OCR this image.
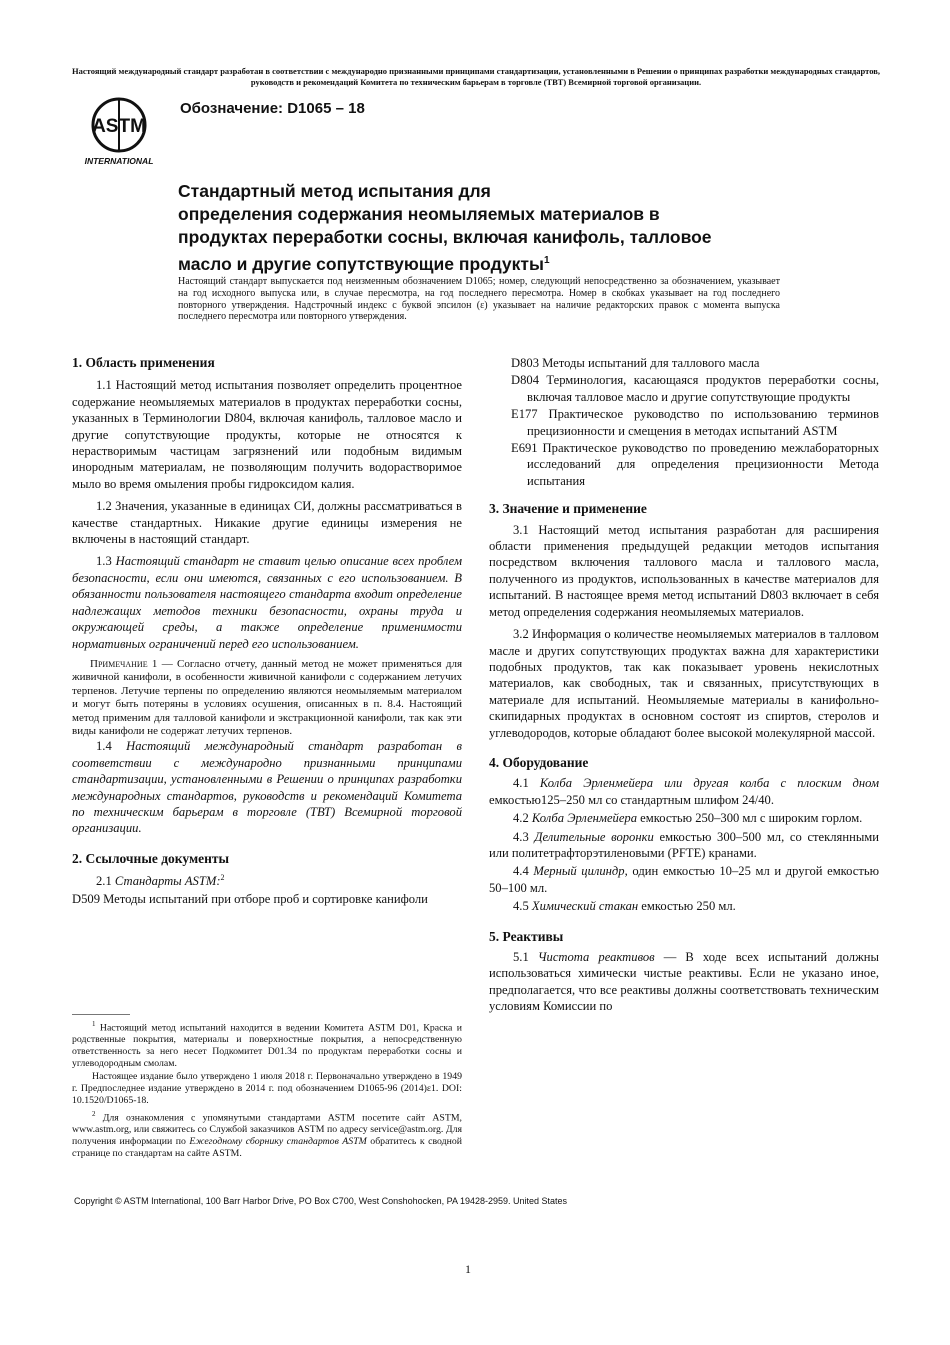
Настоящий международный стандарт разработан в соответствии с международно признанными принципами стандартизации, установленными в Решении о принципах разработки международных стандартов, руководств и рекомендаций Комитета по техническим барьерам в торговле (ТВТ) Всемирной торговой организации.
ASTM
INTERNATIONAL
Обозначение: D1065 – 18
Стандартный метод испытания для
определения содержания неомыляемых материалов в
продуктах переработки сосны, включая канифоль, талловое
масло и другие сопутствующие продукты$^1$
Настоящий стандарт выпускается под неизменным обозначением D1065; номер, следующий непосредственно за обозначением, указывает на год исходного выпуска или, в случае пересмотра, на год последнего пересмотра. Номер в скобках указывает на год последнего повторного утверждения. Надстрочный индекс с буквой эпсилон (ε) указывает на наличие редакторских правок с момента выпуска последнего пересмотра или повторного утверждения.
1. Область применения

1.1 Настоящий метод испытания позволяет определить процентное содержание неомыляемых материалов в продуктах переработки сосны, указанных в Терминологии D804, включая канифоль, талловое масло и другие сопутствующие продукты, которые не относятся к нерастворимым частицам загрязнений или подобным видимым инородным материалам, не позволяющим получить водорастворимое мыло во время омыления пробы гидроксидом калия.

1.2 Значения, указанные в единицах СИ, должны рассматриваться в качестве стандартных. Никакие другие единицы измерения не включены в настоящий стандарт.

1.3 Настоящий стандарт не ставит целью описание всех проблем безопасности, если они имеются, связанных с его использованием. В обязанности пользователя настоящего стандарта входит определение надлежащих методов техники безопасности, охраны труда и окружающей среды, а также определение применимости нормативных ограничений перед его использованием.

Примечание 1 — Согласно отчету, данный метод не может применяться для живичной канифоли, в особенности живичной канифоли с содержанием летучих терпенов. Летучие терпены по определению являются неомыляемым материалом и могут быть потеряны в условиях осушения, описанных в п. 8.4. Настоящий метод применим для талловой канифоли и экстракционной канифоли, так как эти виды канифоли не содержат летучих терпенов.

1.4 Настоящий международный стандарт разработан в соответствии с международно признанными принципами стандартизации, установленными в Решении о принципах разработки международных стандартов, руководств и рекомендаций Комитета по техническим барьерам в торговле (ТВТ) Всемирной торговой организации.

2. Ссылочные документы

2.1 Стандарты ASTM:$^2$

D509 Методы испытаний при отборе проб и сортировке канифоли

$^1$ Настоящий метод испытаний находится в ведении Комитета ASTM D01, Краска и родственные покрытия, материалы и поверхностные покрытия, а непосредственную ответственность за него несет Подкомитет D01.34 по продуктам переработки сосны и углеводородным смолам.

Настоящее издание было утверждено 1 июля 2018 г. Первоначально утверждено в 1949 г. Предпоследнее издание утверждено в 2014 г. под обозначением D1065-96 (2014)ε1. DOI: 10.1520/D1065-18.

$^2$ Для ознакомления с упомянутыми стандартами ASTM посетите сайт ASTM, www.astm.org, или свяжитесь со Службой заказчиков ASTM по адресу service@astm.org. Для получения информации по Ежегодному сборнику стандартов ASTM обратитесь к сводной странице по стандартам на сайте ASTM.

D803 Методы испытаний для таллового масла

D804 Терминология, касающаяся продуктов переработки сосны, включая талловое масло и другие сопутствующие продукты

E177 Практическое руководство по использованию терминов прецизионности и смещения в методах испытаний ASTM

E691 Практическое руководство по проведению межлабораторных исследований для определения прецизионности Метода испытания

3. Значение и применение

3.1 Настоящий метод испытания разработан для расширения области применения предыдущей редакции методов испытания посредством включения таллового масла и таллового масла, полученного из продуктов, использованных в качестве материалов для испытаний. В настоящее время метод испытаний D803 включает в себя метод определения содержания неомыляемых материалов.

3.2 Информация о количестве неомыляемых материалов в талловом масле и других сопутствующих продуктах важна для характеристики подобных продуктов, так как показывает уровень некислотных материалов, как свободных, так и связанных, присутствующих в материале для испытаний. Неомыляемые материалы в канифольно-скипидарных продуктах в основном состоят из спиртов, стеролов и углеводородов, которые обладают более высокой молекулярной массой.

4. Оборудование

4.1 Колба Эрленмейера или другая колба с плоским дном емкостью125–250 мл со стандартным шлифом 24/40.

4.2 Колба Эрленмейера емкостью 250–300 мл с широким горлом.

4.3 Делительные воронки емкостью 300–500 мл, со стеклянными или политетрафторэтиленовыми (PFTE) кранами.

4.4 Мерный цилиндр, один емкостью 10–25 мл и другой емкостью 50–100 мл.

4.5 Химический стакан емкостью 250 мл.

5. Реактивы

5.1 Чистота реактивов — В ходе всех испытаний должны использоваться химически чистые реактивы. Если не указано иное, предполагается, что все реактивы должны соответствовать техническим условиям Комиссии по

Copyright © ASTM International, 100 Barr Harbor Drive, PO Box C700, West Conshohocken, PA 19428-2959. United States
1
